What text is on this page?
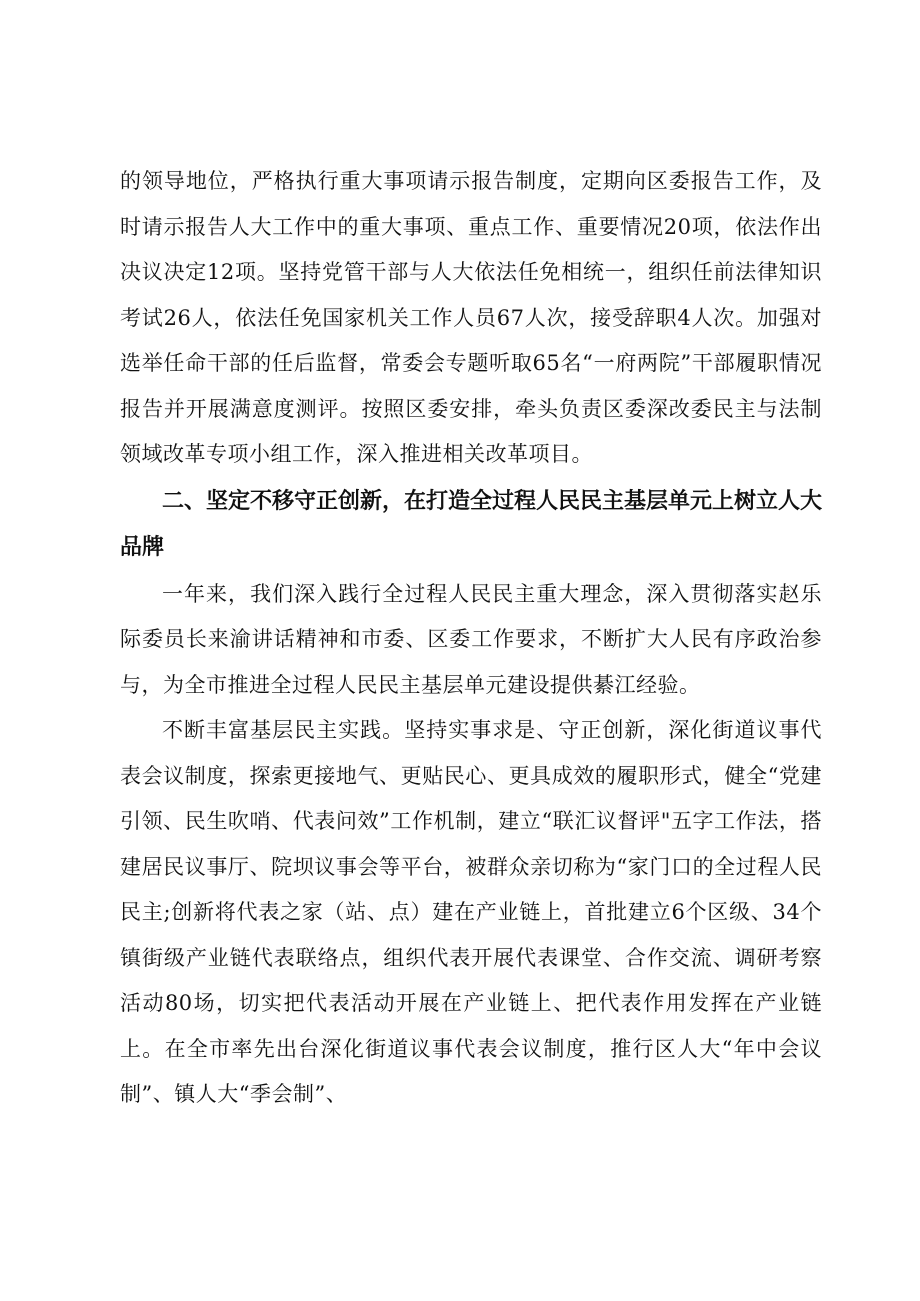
的领导地位，严格执行重大事项请示报告制度，定期向区委报告工作，及时请示报告人大工作中的重大事项、重点工作、重要情况20项，依法作出决议决定12项。坚持党管干部与人大依法任免相统一，组织任前法律知识考试26人，依法任免国家机关工作人员67人次，接受辞职4人次。加强对选举任命干部的任后监督，常委会专题听取65名“一府两院”干部履职情况报告并开展满意度测评。按照区委安排，牵头负责区委深改委民主与法制领域改革专项小组工作，深入推进相关改革项目。

二、坚定不移守正创新，在打造全过程人民民主基层单元上树立人大品牌

一年来，我们深入践行全过程人民民主重大理念，深入贯彻落实赵乐际委员长来渝讲话精神和市委、区委工作要求，不断扩大人民有序政治参与，为全市推进全过程人民民主基层单元建设提供綦江经验。

不断丰富基层民主实践。坚持实事求是、守正创新，深化街道议事代表会议制度，探索更接地气、更贴民心、更具成效的履职形式，健全“党建引领、民生吹哨、代表问效”工作机制，建立“联汇议督评"五字工作法，搭建居民议事厅、院坝议事会等平台，被群众亲切称为“家门口的全过程人民民主;创新将代表之家（站、点）建在产业链上，首批建立6个区级、34个镇街级产业链代表联络点，组织代表开展代表课堂、合作交流、调研考察活动80场，切实把代表活动开展在产业链上、把代表作用发挥在产业链上。在全市率先出台深化街道议事代表会议制度，推行区人大“年中会议制”、镇人大“季会制”、
